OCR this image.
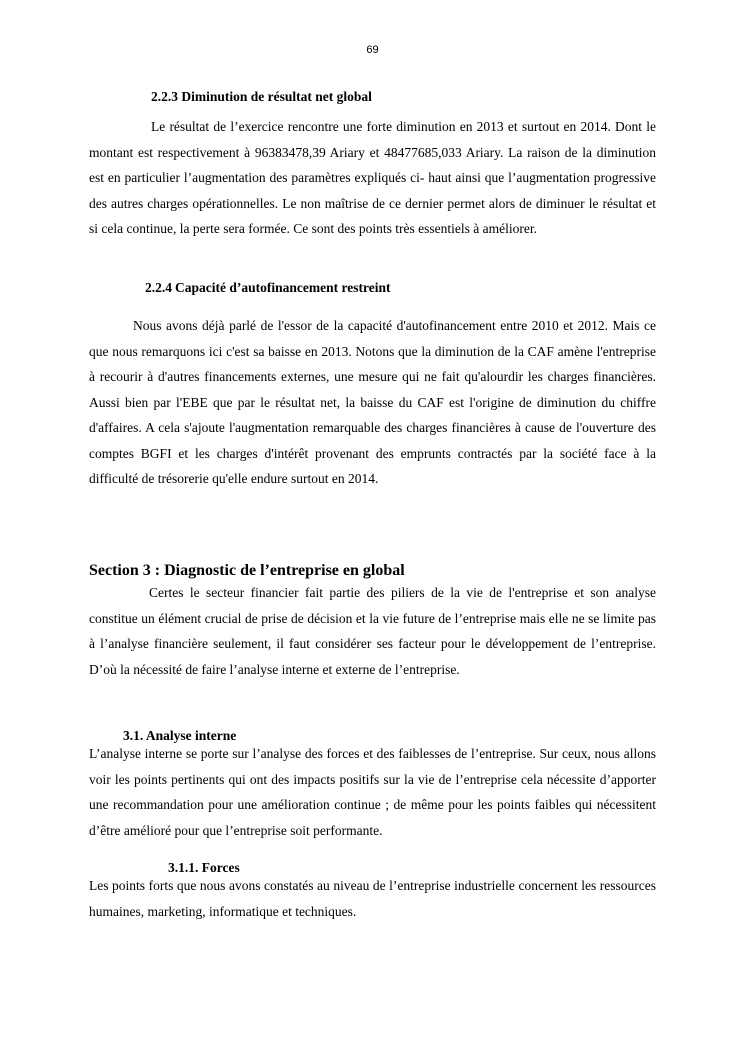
69
2.2.3 Diminution de résultat net global

Le résultat de l’exercice rencontre une forte diminution en 2013 et surtout en 2014. Dont le montant est respectivement à 96383478,39 Ariary et 48477685,033 Ariary. La raison de la diminution est en particulier l’augmentation des paramètres expliqués ci- haut ainsi que l’augmentation progressive des autres charges opérationnelles. Le non maîtrise de ce dernier permet alors de diminuer le résultat et si cela continue, la perte sera formée. Ce sont des points très essentiels à améliorer.

2.2.4 Capacité d’autofinancement restreint

Nous avons déjà parlé de l'essor de la capacité d'autofinancement entre 2010 et 2012. Mais ce que nous remarquons ici c'est sa baisse en 2013. Notons que la diminution de la CAF amène l'entreprise à recourir à d'autres financements externes, une mesure qui ne fait qu'alourdir les charges financières. Aussi bien par l'EBE que par le résultat net, la baisse du CAF est l'origine de diminution du chiffre d'affaires. A cela s'ajoute l'augmentation remarquable des charges financières à cause de l'ouverture des comptes BGFI et les charges d'intérêt provenant des emprunts contractés par la société face à la difficulté de trésorerie qu'elle endure surtout en 2014.

Section 3 : Diagnostic de l’entreprise en global

Certes le secteur financier fait partie des piliers de la vie de l'entreprise et son analyse constitue un élément crucial de prise de décision et la vie future de l’entreprise mais elle ne se limite pas à l’analyse financière seulement, il faut considérer ses facteur pour le développement de l’entreprise. D’où la nécessité de faire l’analyse interne et externe de l’entreprise.

3.1. Analyse interne

L’analyse interne se porte sur l’analyse des forces et des faiblesses de l’entreprise. Sur ceux, nous allons voir les points pertinents qui ont des impacts positifs sur la vie de l’entreprise cela nécessite d’apporter une recommandation pour une amélioration continue ; de même pour les points faibles qui nécessitent d’être amélioré pour que l’entreprise soit performante.

3.1.1. Forces

Les points forts que nous avons constatés au niveau de l’entreprise industrielle concernent les ressources humaines, marketing, informatique et techniques.
